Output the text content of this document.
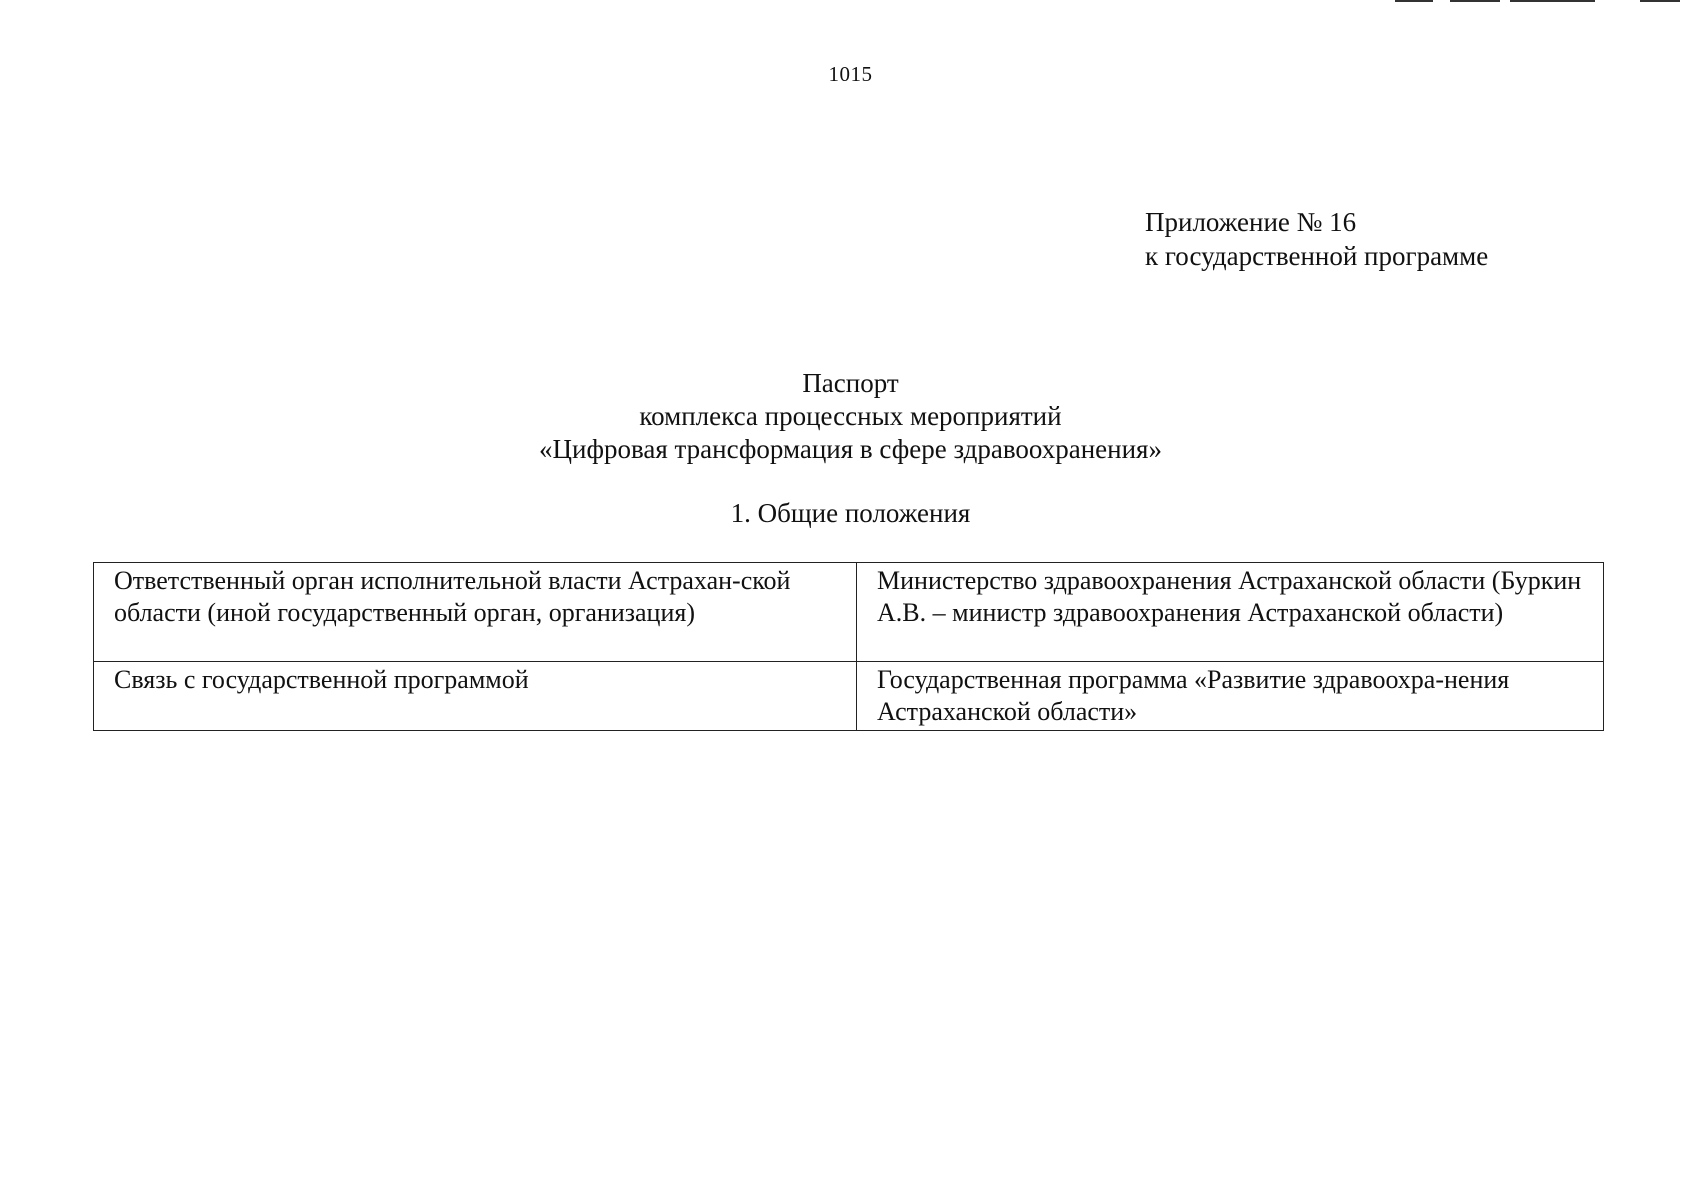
1015
Приложение № 16
к государственной программе
Паспорт
комплекса процессных мероприятий
«Цифровая трансформация в сфере здравоохранения»
1. Общие положения
Ответственный орган исполнительной власти Астрахан-ской области (иной государственный орган, организация)	Министерство здравоохранения Астраханской области (Буркин А.В. – министр здравоохранения Астраханской области)
Связь с государственной программой	Государственная программа «Развитие здравоохра-нения Астраханской области»
